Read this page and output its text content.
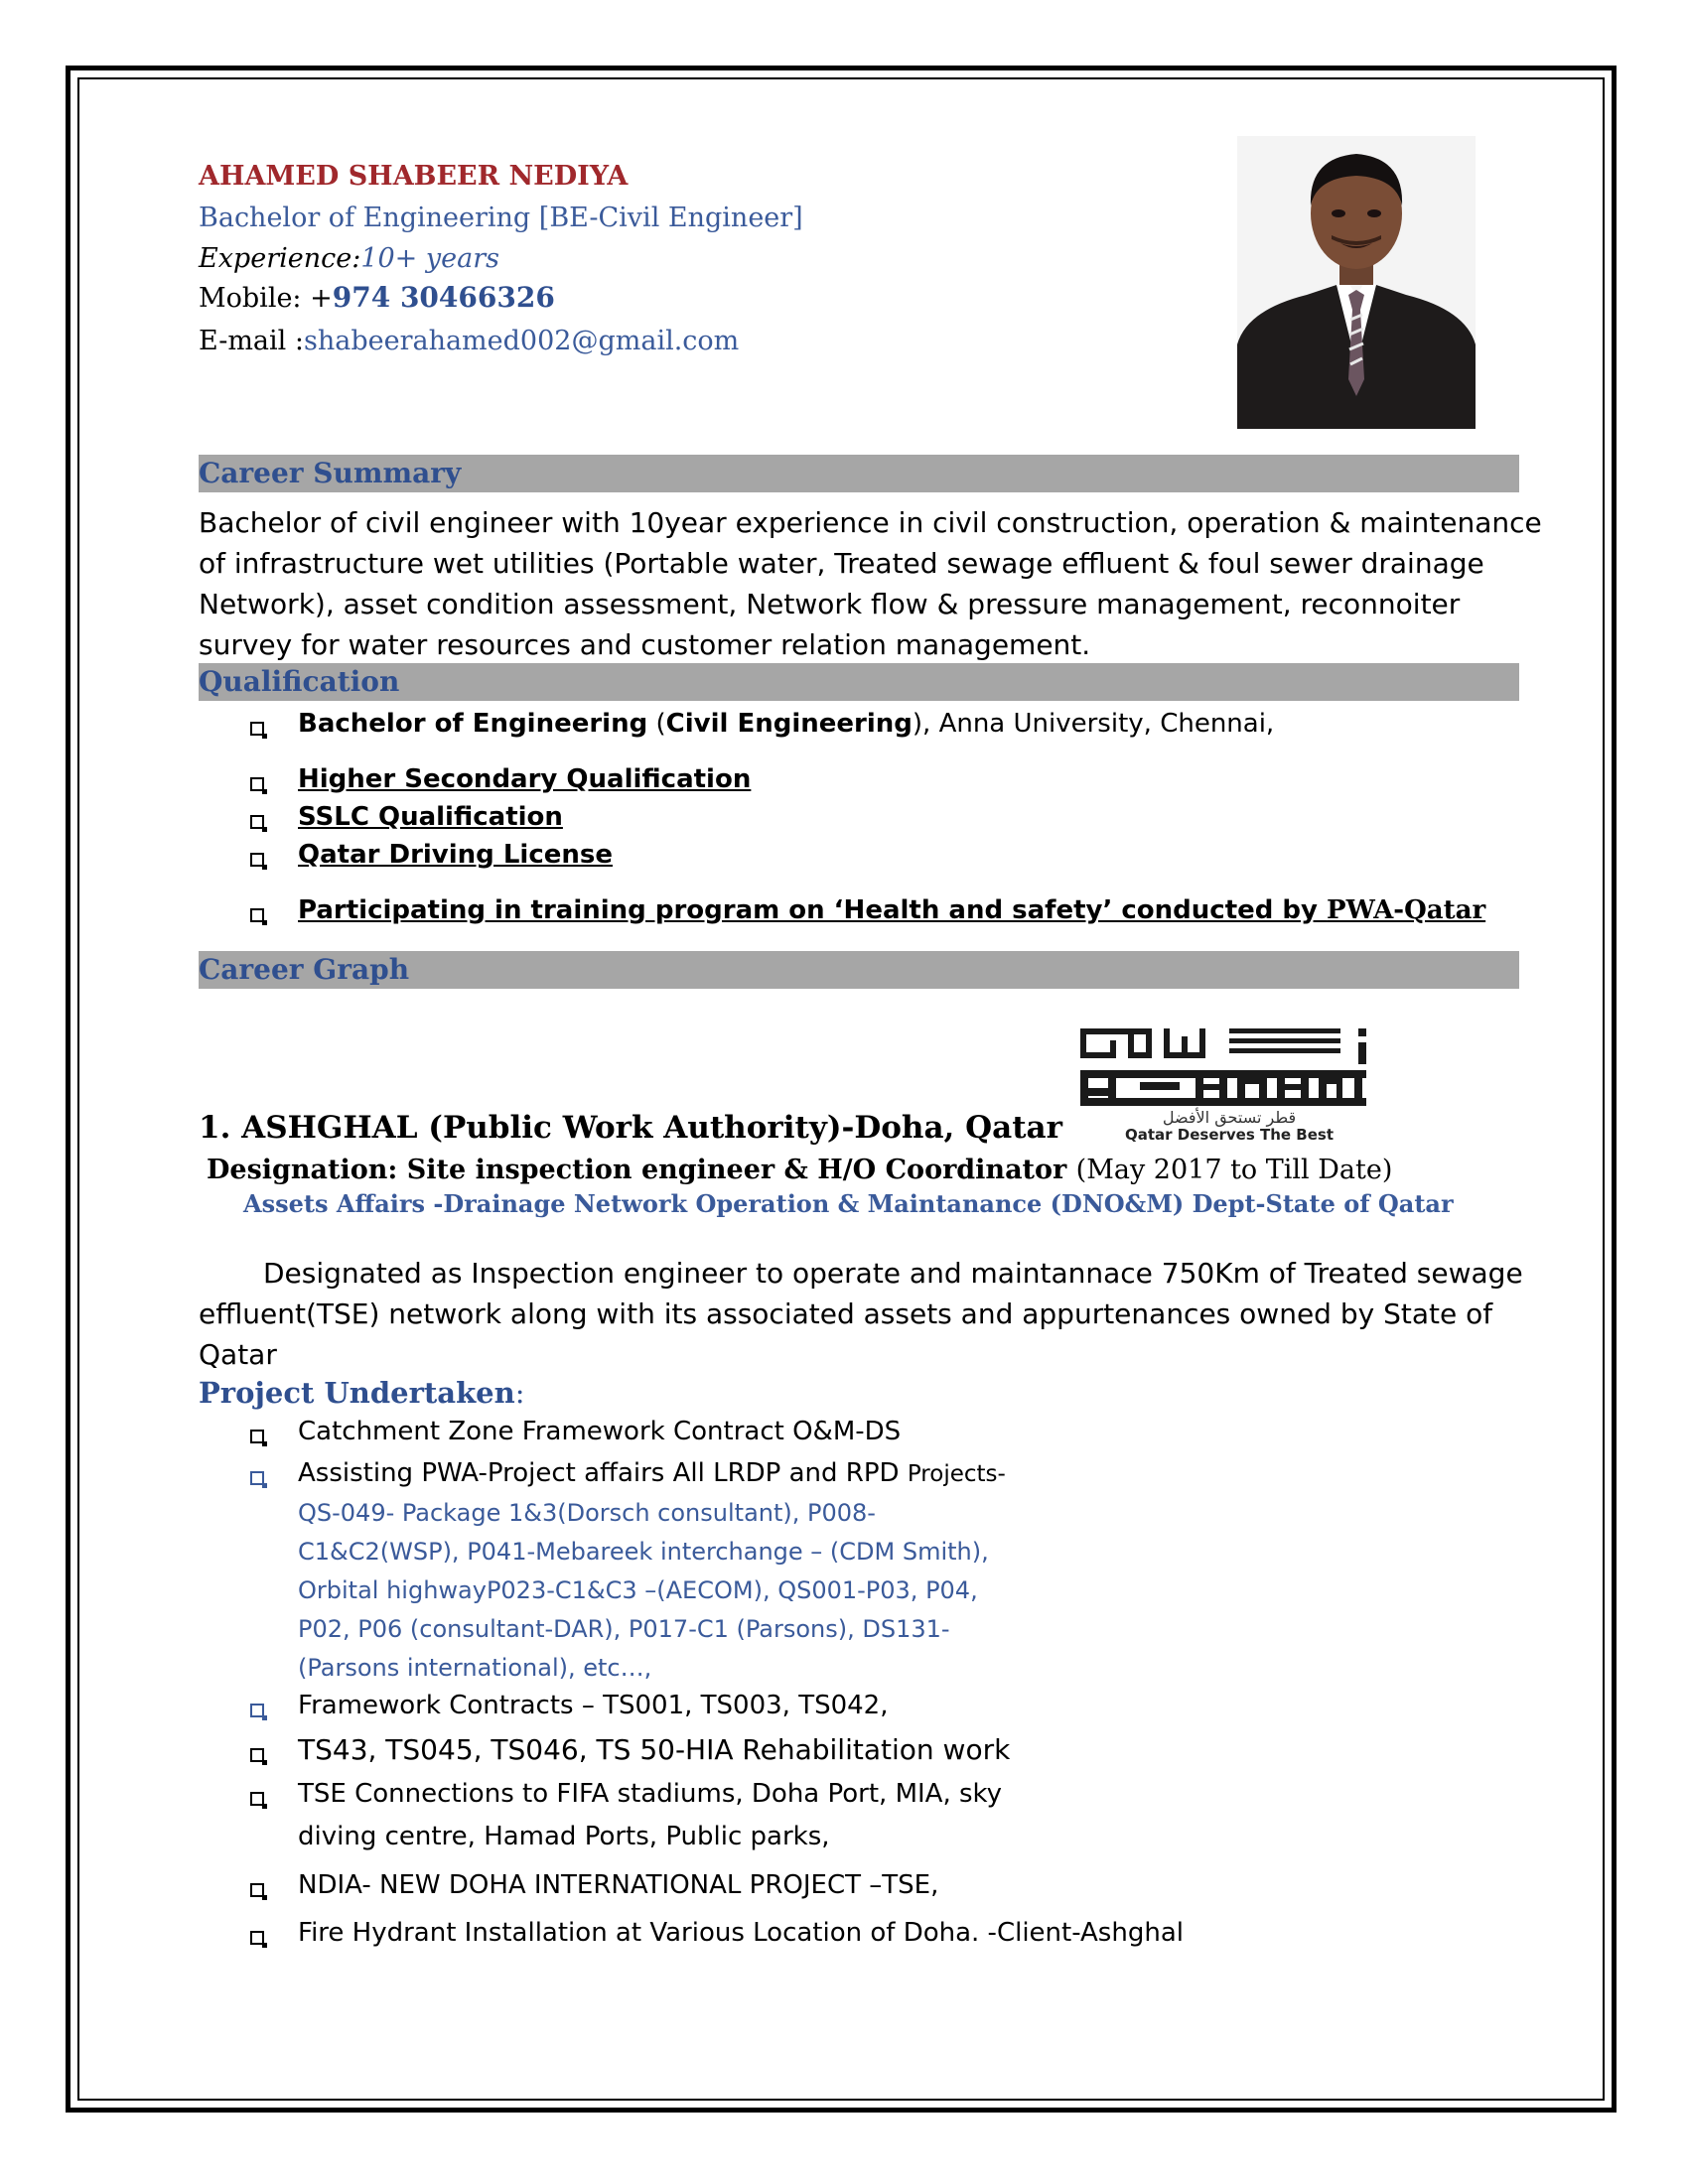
AHAMED SHABEER NEDIYA

Bachelor of Engineering [BE-Civil Engineer]

Experience:10+ years

Mobile: +974 30466326

E-mail :shabeerahamed002@gmail.com

Career Summary

Bachelor of civil engineer with 10year experience in civil construction, operation & maintenance

of infrastructure wet utilities (Portable water, Treated sewage effluent & foul sewer drainage

Network), asset condition assessment, Network flow & pressure management, reconnoiter

survey for water resources and customer relation management.

Qualification

Bachelor of Engineering (Civil Engineering), Anna University, Chennai,

Higher Secondary Qualification

SSLC Qualification

Qatar Driving License

Participating in training program on ‘Health and safety’ conducted by PWA-Qatar

Career Graph
قطر تستحق الأفضل
Qatar Deserves The Best

1. ASHGHAL (Public Work Authority)-Doha, Qatar

Designation: Site inspection engineer & H/O Coordinator (May 2017 to Till Date)

Assets Affairs -Drainage Network Operation & Maintanance (DNO&M) Dept-State of Qatar

Designated as Inspection engineer to operate and maintannace 750Km of Treated sewage

effluent(TSE) network along with its associated assets and appurtenances owned by State of

Qatar

Project Undertaken:

Catchment Zone Framework Contract O&M-DS

Assisting PWA-Project affairs All LRDP and RPD Projects-

QS-049- Package 1&3(Dorsch consultant), P008-

C1&C2(WSP), P041-Mebareek interchange – (CDM Smith),

Orbital highwayP023-C1&C3 –(AECOM), QS001-P03, P04,

P02, P06 (consultant-DAR), P017-C1 (Parsons), DS131-

(Parsons international), etc…,

Framework Contracts – TS001, TS003, TS042,

TS43, TS045, TS046, TS 50-HIA Rehabilitation work

TSE Connections to FIFA stadiums, Doha Port, MIA, sky

diving centre, Hamad Ports, Public parks,

NDIA- NEW DOHA INTERNATIONAL PROJECT –TSE,

Fire Hydrant Installation at Various Location of Doha. -Client-Ashghal
